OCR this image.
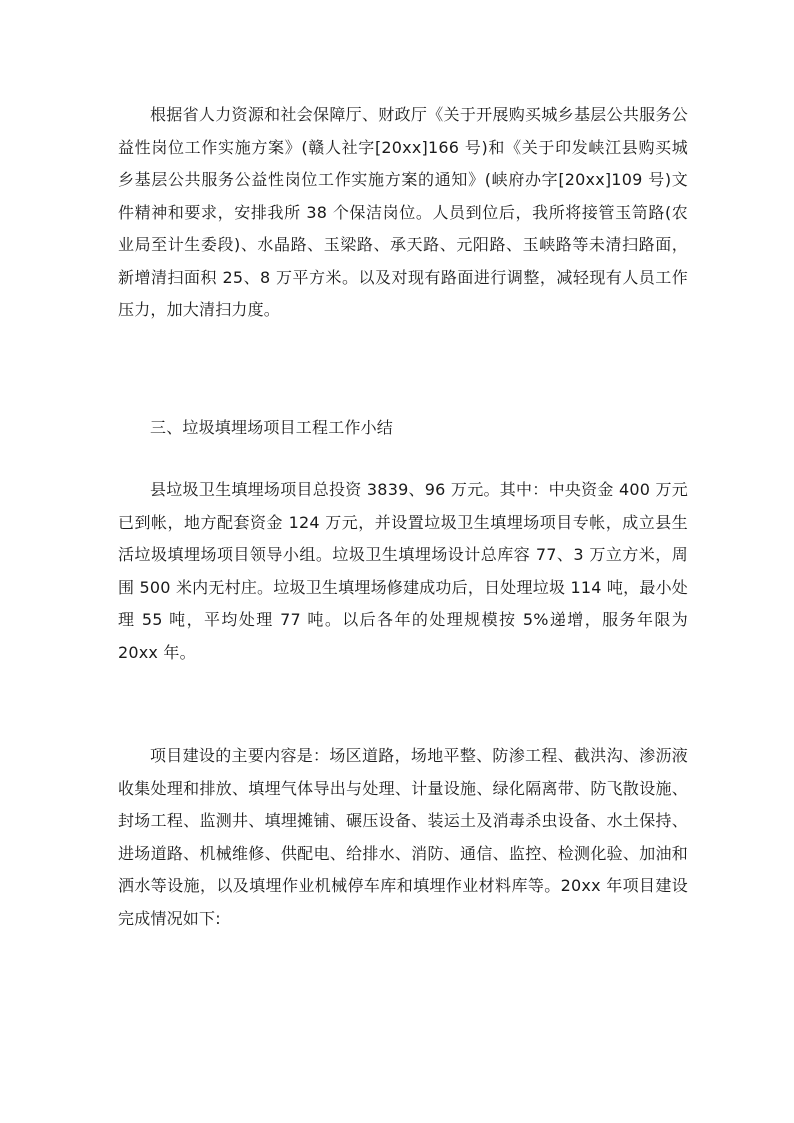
根据省人力资源和社会保障厅、财政厅《关于开展购买城乡基层公共服务公益性岗位工作实施方案》(赣人社字[20xx]166 号)和《关于印发峡江县购买城乡基层公共服务公益性岗位工作实施方案的通知》(峡府办字[20xx]109 号)文件精神和要求，安排我所 38 个保洁岗位。人员到位后，我所将接管玉笥路(农业局至计生委段)、水晶路、玉梁路、承天路、元阳路、玉峡路等未清扫路面，新增清扫面积 25、8 万平方米。以及对现有路面进行调整，减轻现有人员工作压力，加大清扫力度。

三、垃圾填埋场项目工程工作小结

县垃圾卫生填埋场项目总投资 3839、96 万元。其中：中央资金 400 万元已到帐，地方配套资金 124 万元，并设置垃圾卫生填埋场项目专帐，成立县生活垃圾填埋场项目领导小组。垃圾卫生填埋场设计总库容 77、3 万立方米，周围 500 米内无村庄。垃圾卫生填埋场修建成功后，日处理垃圾 114 吨，最小处理 55 吨，平均处理 77 吨。以后各年的处理规模按 5%递增，服务年限为 20xx 年。

项目建设的主要内容是：场区道路，场地平整、防渗工程、截洪沟、渗沥液收集处理和排放、填埋气体导出与处理、计量设施、绿化隔离带、防飞散设施、封场工程、监测井、填埋摊铺、碾压设备、装运土及消毒杀虫设备、水土保持、进场道路、机械维修、供配电、给排水、消防、通信、监控、检测化验、加油和洒水等设施，以及填埋作业机械停车库和填埋作业材料库等。20xx 年项目建设完成情况如下:
